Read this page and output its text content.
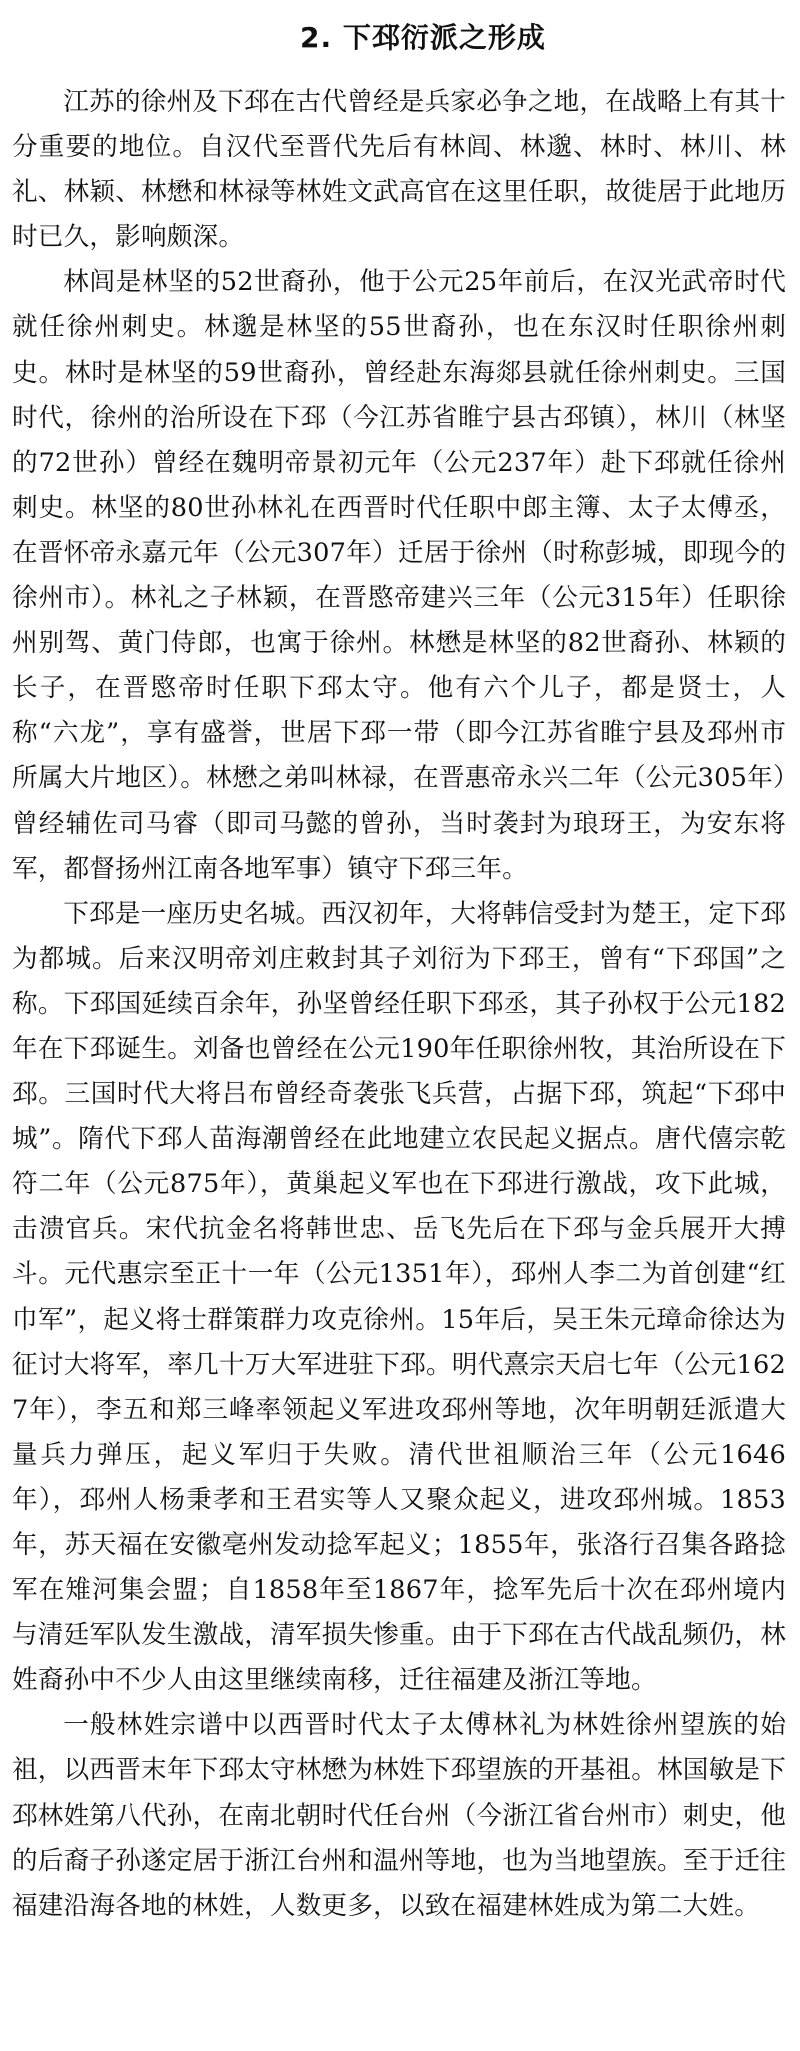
2. 下邳衍派之形成

江苏的徐州及下邳在古代曾经是兵家必争之地，在战略上有其十分重要的地位。自汉代至晋代先后有林闾、林邈、林时、林川、林礼、林颖、林懋和林禄等林姓文武高官在这里任职，故徙居于此地历时已久，影响颇深。

林闾是林坚的52世裔孙，他于公元25年前后，在汉光武帝时代就任徐州刺史。林邈是林坚的55世裔孙，也在东汉时任职徐州刺史。林时是林坚的59世裔孙，曾经赴东海郯县就任徐州刺史。三国时代，徐州的治所设在下邳（今江苏省睢宁县古邳镇），林川（林坚的72世孙）曾经在魏明帝景初元年（公元237年）赴下邳就任徐州刺史。林坚的80世孙林礼在西晋时代任职中郎主簿、太子太傅丞，在晋怀帝永嘉元年（公元307年）迁居于徐州（时称彭城，即现今的徐州市）。林礼之子林颖，在晋愍帝建兴三年（公元315年）任职徐州别驾、黄门侍郎，也寓于徐州。林懋是林坚的82世裔孙、林颖的长子，在晋愍帝时任职下邳太守。他有六个儿子，都是贤士，人称“六龙”，享有盛誉，世居下邳一带（即今江苏省睢宁县及邳州市所属大片地区）。林懋之弟叫林禄，在晋惠帝永兴二年（公元305年）曾经辅佐司马睿（即司马懿的曾孙，当时袭封为琅玡王，为安东将军，都督扬州江南各地军事）镇守下邳三年。

下邳是一座历史名城。西汉初年，大将韩信受封为楚王，定下邳为都城。后来汉明帝刘庄敕封其子刘衍为下邳王，曾有“下邳国”之称。下邳国延续百余年，孙坚曾经任职下邳丞，其子孙权于公元182年在下邳诞生。刘备也曾经在公元190年任职徐州牧，其治所设在下邳。三国时代大将吕布曾经奇袭张飞兵营，占据下邳，筑起“下邳中城”。隋代下邳人苗海潮曾经在此地建立农民起义据点。唐代僖宗乾符二年（公元875年），黄巢起义军也在下邳进行激战，攻下此城，击溃官兵。宋代抗金名将韩世忠、岳飞先后在下邳与金兵展开大搏斗。元代惠宗至正十一年（公元1351年），邳州人李二为首创建“红巾军”，起义将士群策群力攻克徐州。15年后，吴王朱元璋命徐达为征讨大将军，率几十万大军进驻下邳。明代熹宗天启七年（公元1627年），李五和郑三峰率领起义军进攻邳州等地，次年明朝廷派遣大量兵力弹压，起义军归于失败。清代世祖顺治三年（公元1646年），邳州人杨秉孝和王君实等人又聚众起义，进攻邳州城。1853年，苏天福在安徽亳州发动捻军起义；1855年，张洛行召集各路捻军在雉河集会盟；自1858年至1867年，捻军先后十次在邳州境内与清廷军队发生激战，清军损失惨重。由于下邳在古代战乱频仍，林姓裔孙中不少人由这里继续南移，迁往福建及浙江等地。

一般林姓宗谱中以西晋时代太子太傅林礼为林姓徐州望族的始祖，以西晋末年下邳太守林懋为林姓下邳望族的开基祖。林国敏是下邳林姓第八代孙，在南北朝时代任台州（今浙江省台州市）刺史，他的后裔子孙遂定居于浙江台州和温州等地，也为当地望族。至于迁往福建沿海各地的林姓，人数更多，以致在福建林姓成为第二大姓。
